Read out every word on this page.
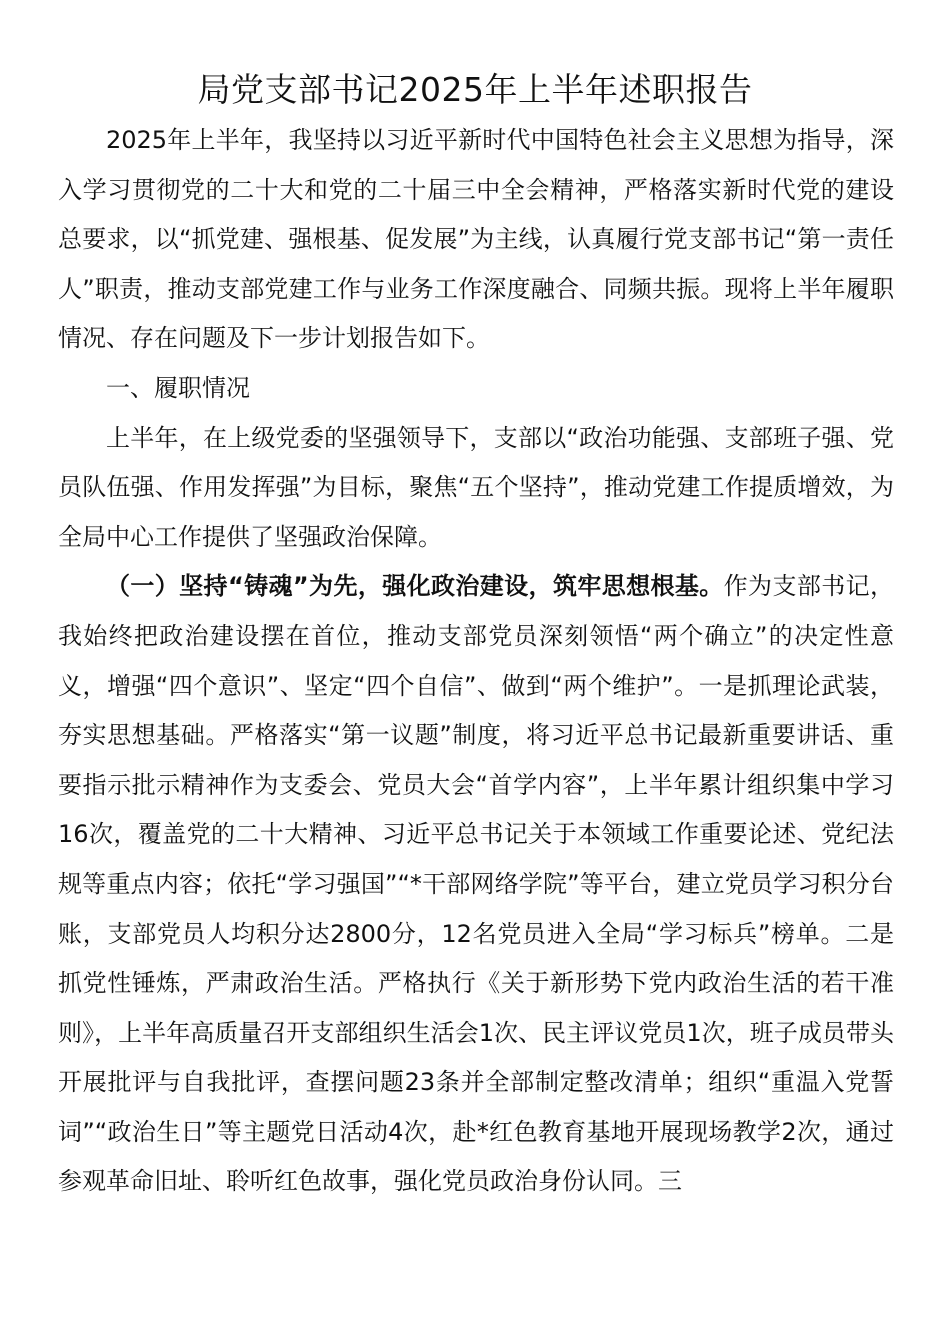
局党支部书记2025年上半年述职报告

2025年上半年，我坚持以习近平新时代中国特色社会主义思想为指导，深入学习贯彻党的二十大和党的二十届三中全会精神，严格落实新时代党的建设总要求，以“抓党建、强根基、促发展”为主线，认真履行党支部书记“第一责任人”职责，推动支部党建工作与业务工作深度融合、同频共振。现将上半年履职情况、存在问题及下一步计划报告如下。

一、履职情况

上半年，在上级党委的坚强领导下，支部以“政治功能强、支部班子强、党员队伍强、作用发挥强”为目标，聚焦“五个坚持”，推动党建工作提质增效，为全局中心工作提供了坚强政治保障。

（一）坚持“铸魂”为先，强化政治建设，筑牢思想根基。作为支部书记，我始终把政治建设摆在首位，推动支部党员深刻领悟“两个确立”的决定性意义，增强“四个意识”、坚定“四个自信”、做到“两个维护”。一是抓理论武装，夯实思想基础。严格落实“第一议题”制度，将习近平总书记最新重要讲话、重要指示批示精神作为支委会、党员大会“首学内容”，上半年累计组织集中学习16次，覆盖党的二十大精神、习近平总书记关于本领域工作重要论述、党纪法规等重点内容；依托“学习强国”“*干部网络学院”等平台，建立党员学习积分台账，支部党员人均积分达2800分，12名党员进入全局“学习标兵”榜单。二是抓党性锤炼，严肃政治生活。严格执行《关于新形势下党内政治生活的若干准则》，上半年高质量召开支部组织生活会1次、民主评议党员1次，班子成员带头开展批评与自我批评，查摆问题23条并全部制定整改清单；组织“重温入党誓词”“政治生日”等主题党日活动4次，赴*红色教育基地开展现场教学2次，通过参观革命旧址、聆听红色故事，强化党员政治身份认同。三
